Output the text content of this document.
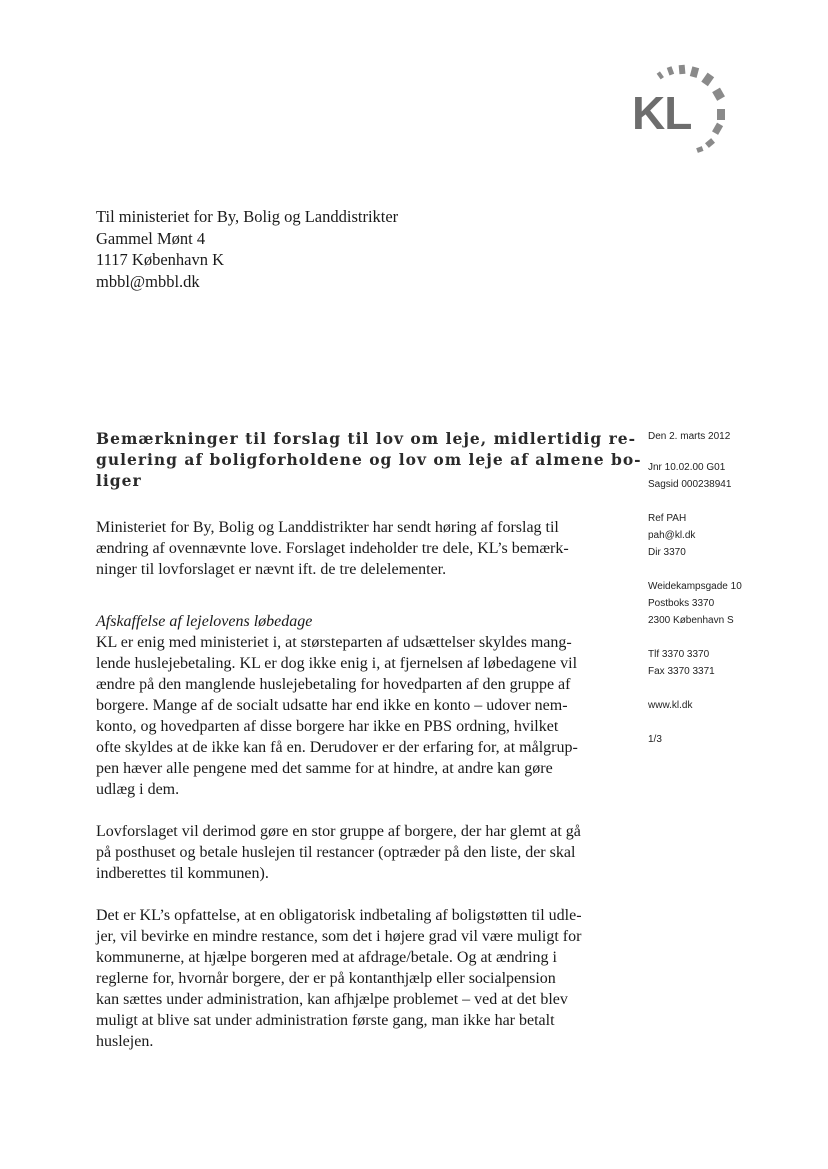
KL
Til ministeriet for By, Bolig og Landdistrikter
Gammel Mønt 4
1117 København K
mbbl@mbbl.dk
Bemærkninger til forslag til lov om leje, midlertidig re-
gulering af boligforholdene og lov om leje af almene bo-
liger
Den 2. marts 2012
Jnr 10.02.00 G01
Sagsid 000238941
Ref PAH
pah@kl.dk
Dir 3370
Weidekampsgade 10
Postboks 3370
2300 København S
Tlf 3370 3370
Fax 3370 3371
www.kl.dk
1/3
Ministeriet for By, Bolig og Landdistrikter har sendt høring af forslag til
ændring af ovennævnte love. Forslaget indeholder tre dele, KL’s bemærk-
ninger til lovforslaget er nævnt ift. de tre delelementer.
Afskaffelse af lejelovens løbedage
KL er enig med ministeriet i, at størsteparten af udsættelser skyldes mang-
lende huslejebetaling. KL er dog ikke enig i, at fjernelsen af løbedagene vil
ændre på den manglende huslejebetaling for hovedparten af den gruppe af
borgere. Mange af de socialt udsatte har end ikke en konto – udover nem-
konto, og hovedparten af disse borgere har ikke en PBS ordning, hvilket
ofte skyldes at de ikke kan få en. Derudover er der erfaring for, at målgrup-
pen hæver alle pengene med det samme for at hindre, at andre kan gøre
udlæg i dem.
Lovforslaget vil derimod gøre en stor gruppe af borgere, der har glemt at gå
på posthuset og betale huslejen til restancer (optræder på den liste, der skal
indberettes til kommunen).
Det er KL’s opfattelse, at en obligatorisk indbetaling af boligstøtten til udle-
jer, vil bevirke en mindre restance, som det i højere grad vil være muligt for
kommunerne, at hjælpe borgeren med at afdrage/betale. Og at ændring i
reglerne for, hvornår borgere, der er på kontanthjælp eller socialpension
kan sættes under administration, kan afhjælpe problemet – ved at det blev
muligt at blive sat under administration første gang, man ikke har betalt
huslejen.
